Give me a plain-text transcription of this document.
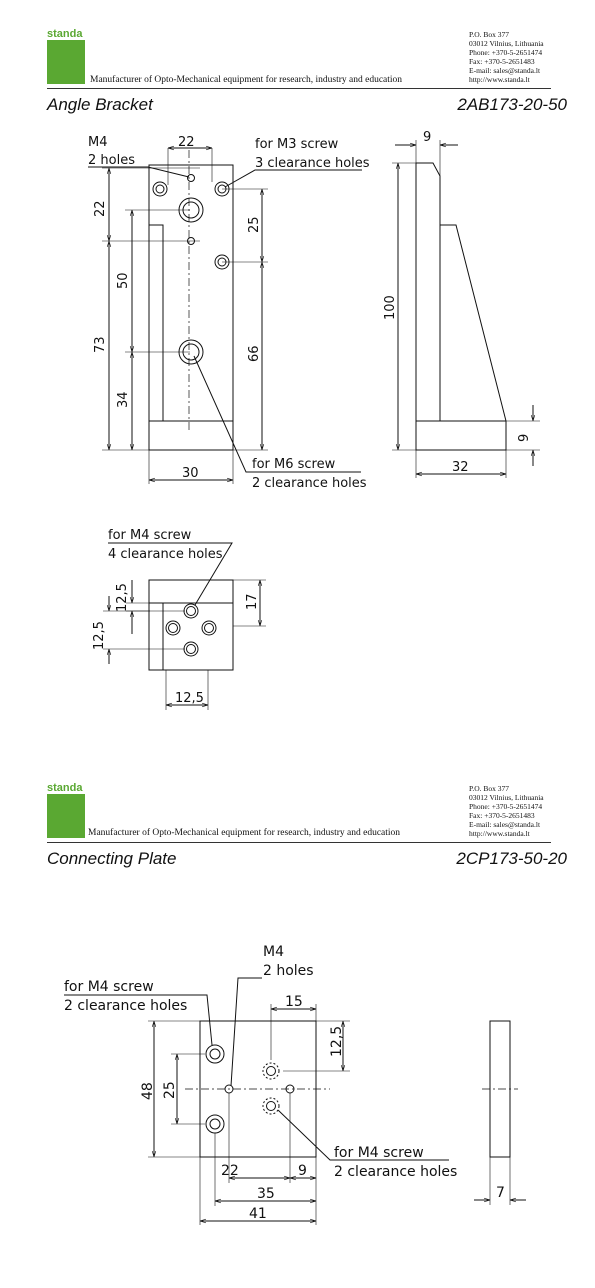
standa
Manufacturer of Opto-Mechanical equipment for research, industry and education
P.O. Box 377
03012 Vilnius, Lithuania
Phone: +370-5-2651474
Fax: +370-5-2651483
E-mail: sales@standa.lt
http://www.standa.lt
Angle Bracket	2AB173-20-50
standa
Manufacturer of Opto-Mechanical equipment for research, industry and education
P.O. Box 377
03012 Vilnius, Lithuania
Phone: +370-5-2651474
Fax: +370-5-2651483
E-mail: sales@standa.lt
http://www.standa.lt
Connecting Plate	2CP173-50-20
22
M4
2 holes
for M3 screw
3 clearance holes
22
25
50
73
66
34
for M6 screw
2 clearance holes
30
9
100
32
9
for M4 screw
4 clearance holes
12,5
12,5
17
12,5
M4
2 holes
for M4 screw
2 clearance holes	15
12,5
48 25
22	9
35
41
for M4 screw
2 clearance holes
7
